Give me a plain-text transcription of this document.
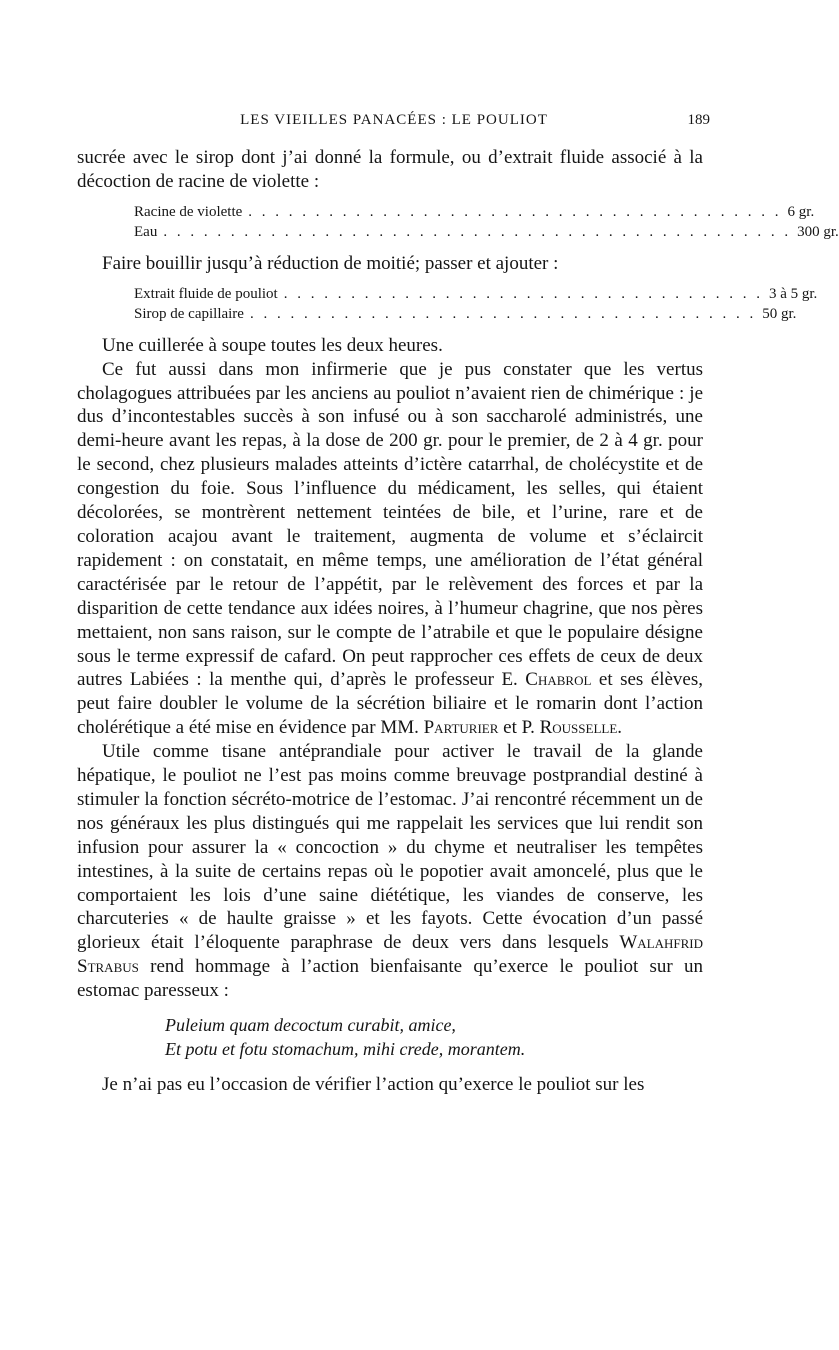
LES VIEILLES PANACÉES : LE POULIOT	189

sucrée avec le sirop dont j’ai donné la formule, ou d’extrait fluide associé à la décoction de racine de violette :

Racine de violette . . . . . . . . . . . . . . . . . . . . . . . . . . . . . . . . . . . . . . . . 6 gr.
Eau . . . . . . . . . . . . . . . . . . . . . . . . . . . . . . . . . . . . . . . . . . . . . . . 300 gr.

Faire bouillir jusqu’à réduction de moitié; passer et ajouter :

Extrait fluide de pouliot . . . . . . . . . . . . . . . . . . . . . . . . . . . . . . . . . . . . 3 à 5 gr.
Sirop de capillaire . . . . . . . . . . . . . . . . . . . . . . . . . . . . . . . . . . . . . . 50 gr.

Une cuillerée à soupe toutes les deux heures.

Ce fut aussi dans mon infirmerie que je pus constater que les vertus cholagogues attribuées par les anciens au pouliot n’avaient rien de chimérique : je dus d’incontestables succès à son infusé ou à son saccharolé administrés, une demi-heure avant les repas, à la dose de 200 gr. pour le premier, de 2 à 4 gr. pour le second, chez plusieurs malades atteints d’ictère catarrhal, de cholécystite et de congestion du foie. Sous l’influence du médicament, les selles, qui étaient décolorées, se montrèrent nettement teintées de bile, et l’urine, rare et de coloration acajou avant le traitement, augmenta de volume et s’éclaircit rapidement : on constatait, en même temps, une amélioration de l’état général caractérisée par le retour de l’appétit, par le relèvement des forces et par la disparition de cette tendance aux idées noires, à l’humeur chagrine, que nos pères mettaient, non sans raison, sur le compte de l’atrabile et que le populaire désigne sous le terme expressif de cafard. On peut rapprocher ces effets de ceux de deux autres Labiées : la menthe qui, d’après le professeur E. Chabrol et ses élèves, peut faire doubler le volume de la sécrétion biliaire et le romarin dont l’action cholérétique a été mise en évidence par MM. Parturier et P. Rousselle.

Utile comme tisane antéprandiale pour activer le travail de la glande hépatique, le pouliot ne l’est pas moins comme breuvage postprandial destiné à stimuler la fonction sécréto-motrice de l’estomac. J’ai rencontré récemment un de nos généraux les plus distingués qui me rappelait les services que lui rendit son infusion pour assurer la « concoction » du chyme et neutraliser les tempêtes intestines, à la suite de certains repas où le popotier avait amoncelé, plus que le comportaient les lois d’une saine diététique, les viandes de conserve, les charcuteries « de haulte graisse » et les fayots. Cette évocation d’un passé glorieux était l’éloquente paraphrase de deux vers dans lesquels Walahfrid Strabus rend hommage à l’action bienfaisante qu’exerce le pouliot sur un estomac paresseux :

Puleium quam decoctum curabit, amice,
Et potu et fotu stomachum, mihi crede, morantem.

Je n’ai pas eu l’occasion de vérifier l’action qu’exerce le pouliot sur les
